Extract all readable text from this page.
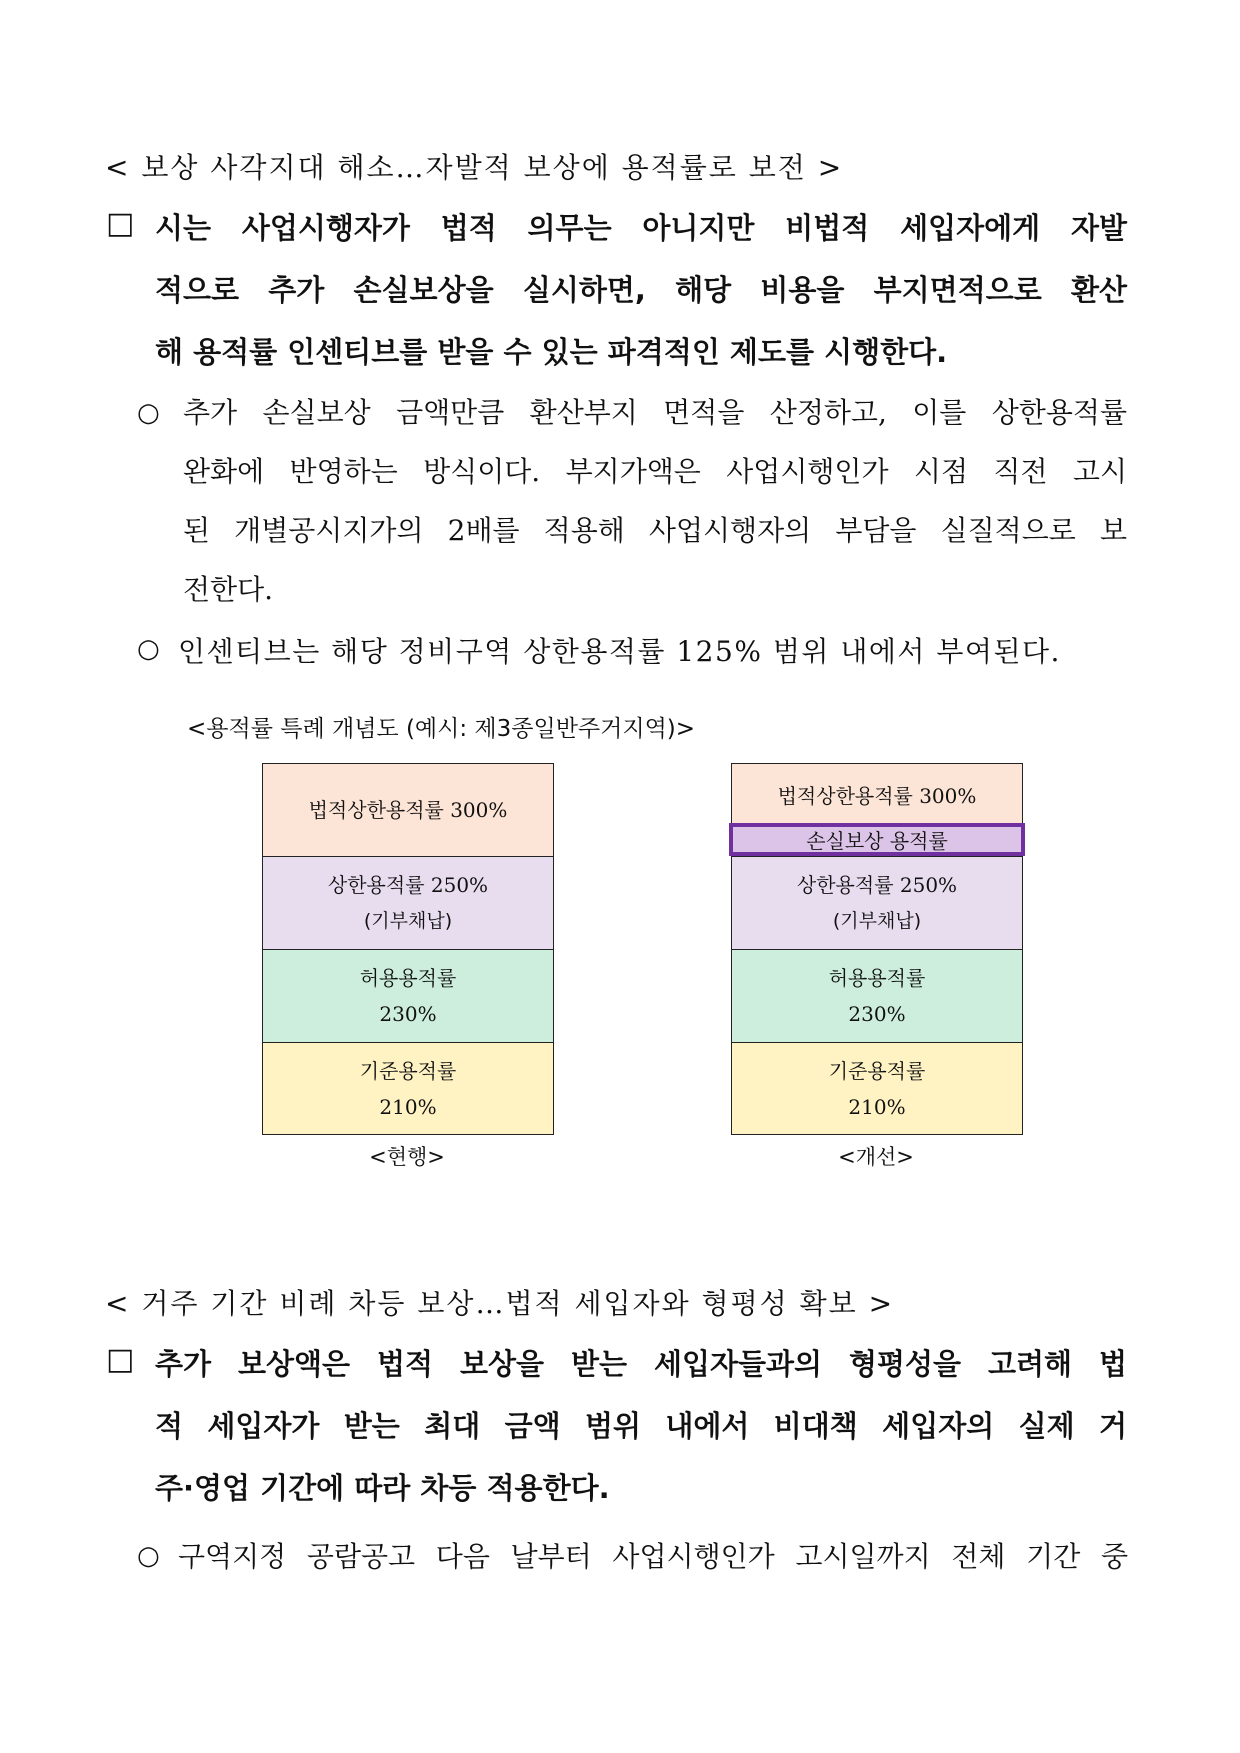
< 보상 사각지대 해소…자발적 보상에 용적률로 보전 >
□ 시는 사업시행자가 법적 의무는 아니지만 비법적 세입자에게 자발
적으로 추가 손실보상을 실시하면, 해당 비용을 부지면적으로 환산
해 용적률 인센티브를 받을 수 있는 파격적인 제도를 시행한다.
○ 추가 손실보상 금액만큼 환산부지 면적을 산정하고, 이를 상한용적률
완화에 반영하는 방식이다. 부지가액은 사업시행인가 시점 직전 고시
된 개별공시지가의 2배를 적용해 사업시행자의 부담을 실질적으로 보
전한다.
○ 인센티브는 해당 정비구역 상한용적률 125% 범위 내에서 부여된다.
<용적률 특례 개념도 (예시: 제3종일반주거지역)>
법적상한용적률 300%
상한용적률 250%
(기부채납)
허용용적률
230%
기준용적률
210%
<현행>
법적상한용적률 300%
상한용적률 250%
(기부채납)
허용용적률
230%
기준용적률
210%
손실보상 용적률
<개선>
< 거주 기간 비례 차등 보상…법적 세입자와 형평성 확보 >
□ 추가 보상액은 법적 보상을 받는 세입자들과의 형평성을 고려해 법
적 세입자가 받는 최대 금액 범위 내에서 비대책 세입자의 실제 거
주·영업 기간에 따라 차등 적용한다.
○ 구역지정 공람공고 다음 날부터 사업시행인가 고시일까지 전체 기간 중
